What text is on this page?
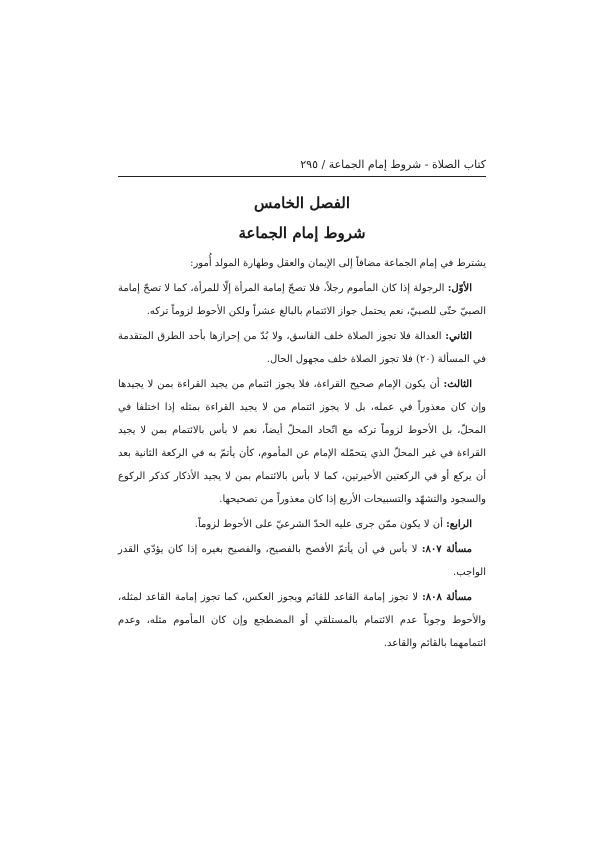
كتاب الصلاة - شروط إمام الجماعة / ٢٩٥
الفصل الخامس
شروط إمام الجماعة

يشترط في إمام الجماعة مضافاً إلى الإيمان والعقل وطهارة المولد أُمور:

الأوّل: الرجولة إذا كان المأموم رجلاً، فلا تصحّ إمامة المرأة إلّا للمرأة، كما لا تصحّ إمامة الصبيّ حتّى للصبيّ، نعم يحتمل جواز الائتمام بالبالغ عشراً ولكن الأحوط لزوماً تركه.

الثاني: العدالة فلا تجوز الصلاة خلف الفاسق، ولا بُدّ من إحرازها بأحد الطرق المتقدمة في المسألة (٢٠) فلا تجوز الصلاة خلف مجهول الحال.

الثالث: أن يكون الإمام صحيح القراءة، فلا يجوز ائتمام من يجيد القراءة بمن لا يجيدها وإن كان معذوراً في عمله، بل لا يجوز ائتمام من لا يجيد القراءة بمثله إذا اختلفا في المحلّ، بل الأحوط لزوماً تركه مع اتّحاد المحلّ أيضاً، نعم لا بأس بالائتمام بمن لا يجيد القراءة في غير المحلّ الذي يتحمّله الإمام عن المأموم، كأن يأتمّ به في الركعة الثانية بعد أن يركع أو في الركعتين الأخيرتين، كما لا بأس بالائتمام بمن لا يجيد الأذكار كذكر الركوع والسجود والتشهّد والتسبيحات الأربع إذا كان معذوراً من تصحيحها.

الرابع: أن لا يكون ممّن جرى عليه الحدّ الشرعيّ على الأحوط لزوماً.

مسألة ٨٠٧: لا بأس في أن يأتمّ الأفصح بالفصيح، والفصيح بغيره إذا كان يؤدّي القدر الواجب.

مسألة ٨٠٨: لا تجوز إمامة القاعد للقائم ويجوز العكس، كما تجوز إمامة القاعد لمثله، والأحوط وجوباً عدم الائتمام بالمستلقي أو المضطجع وإن كان المأموم مثله، وعدم ائتمامهما بالقائم والقاعد.
